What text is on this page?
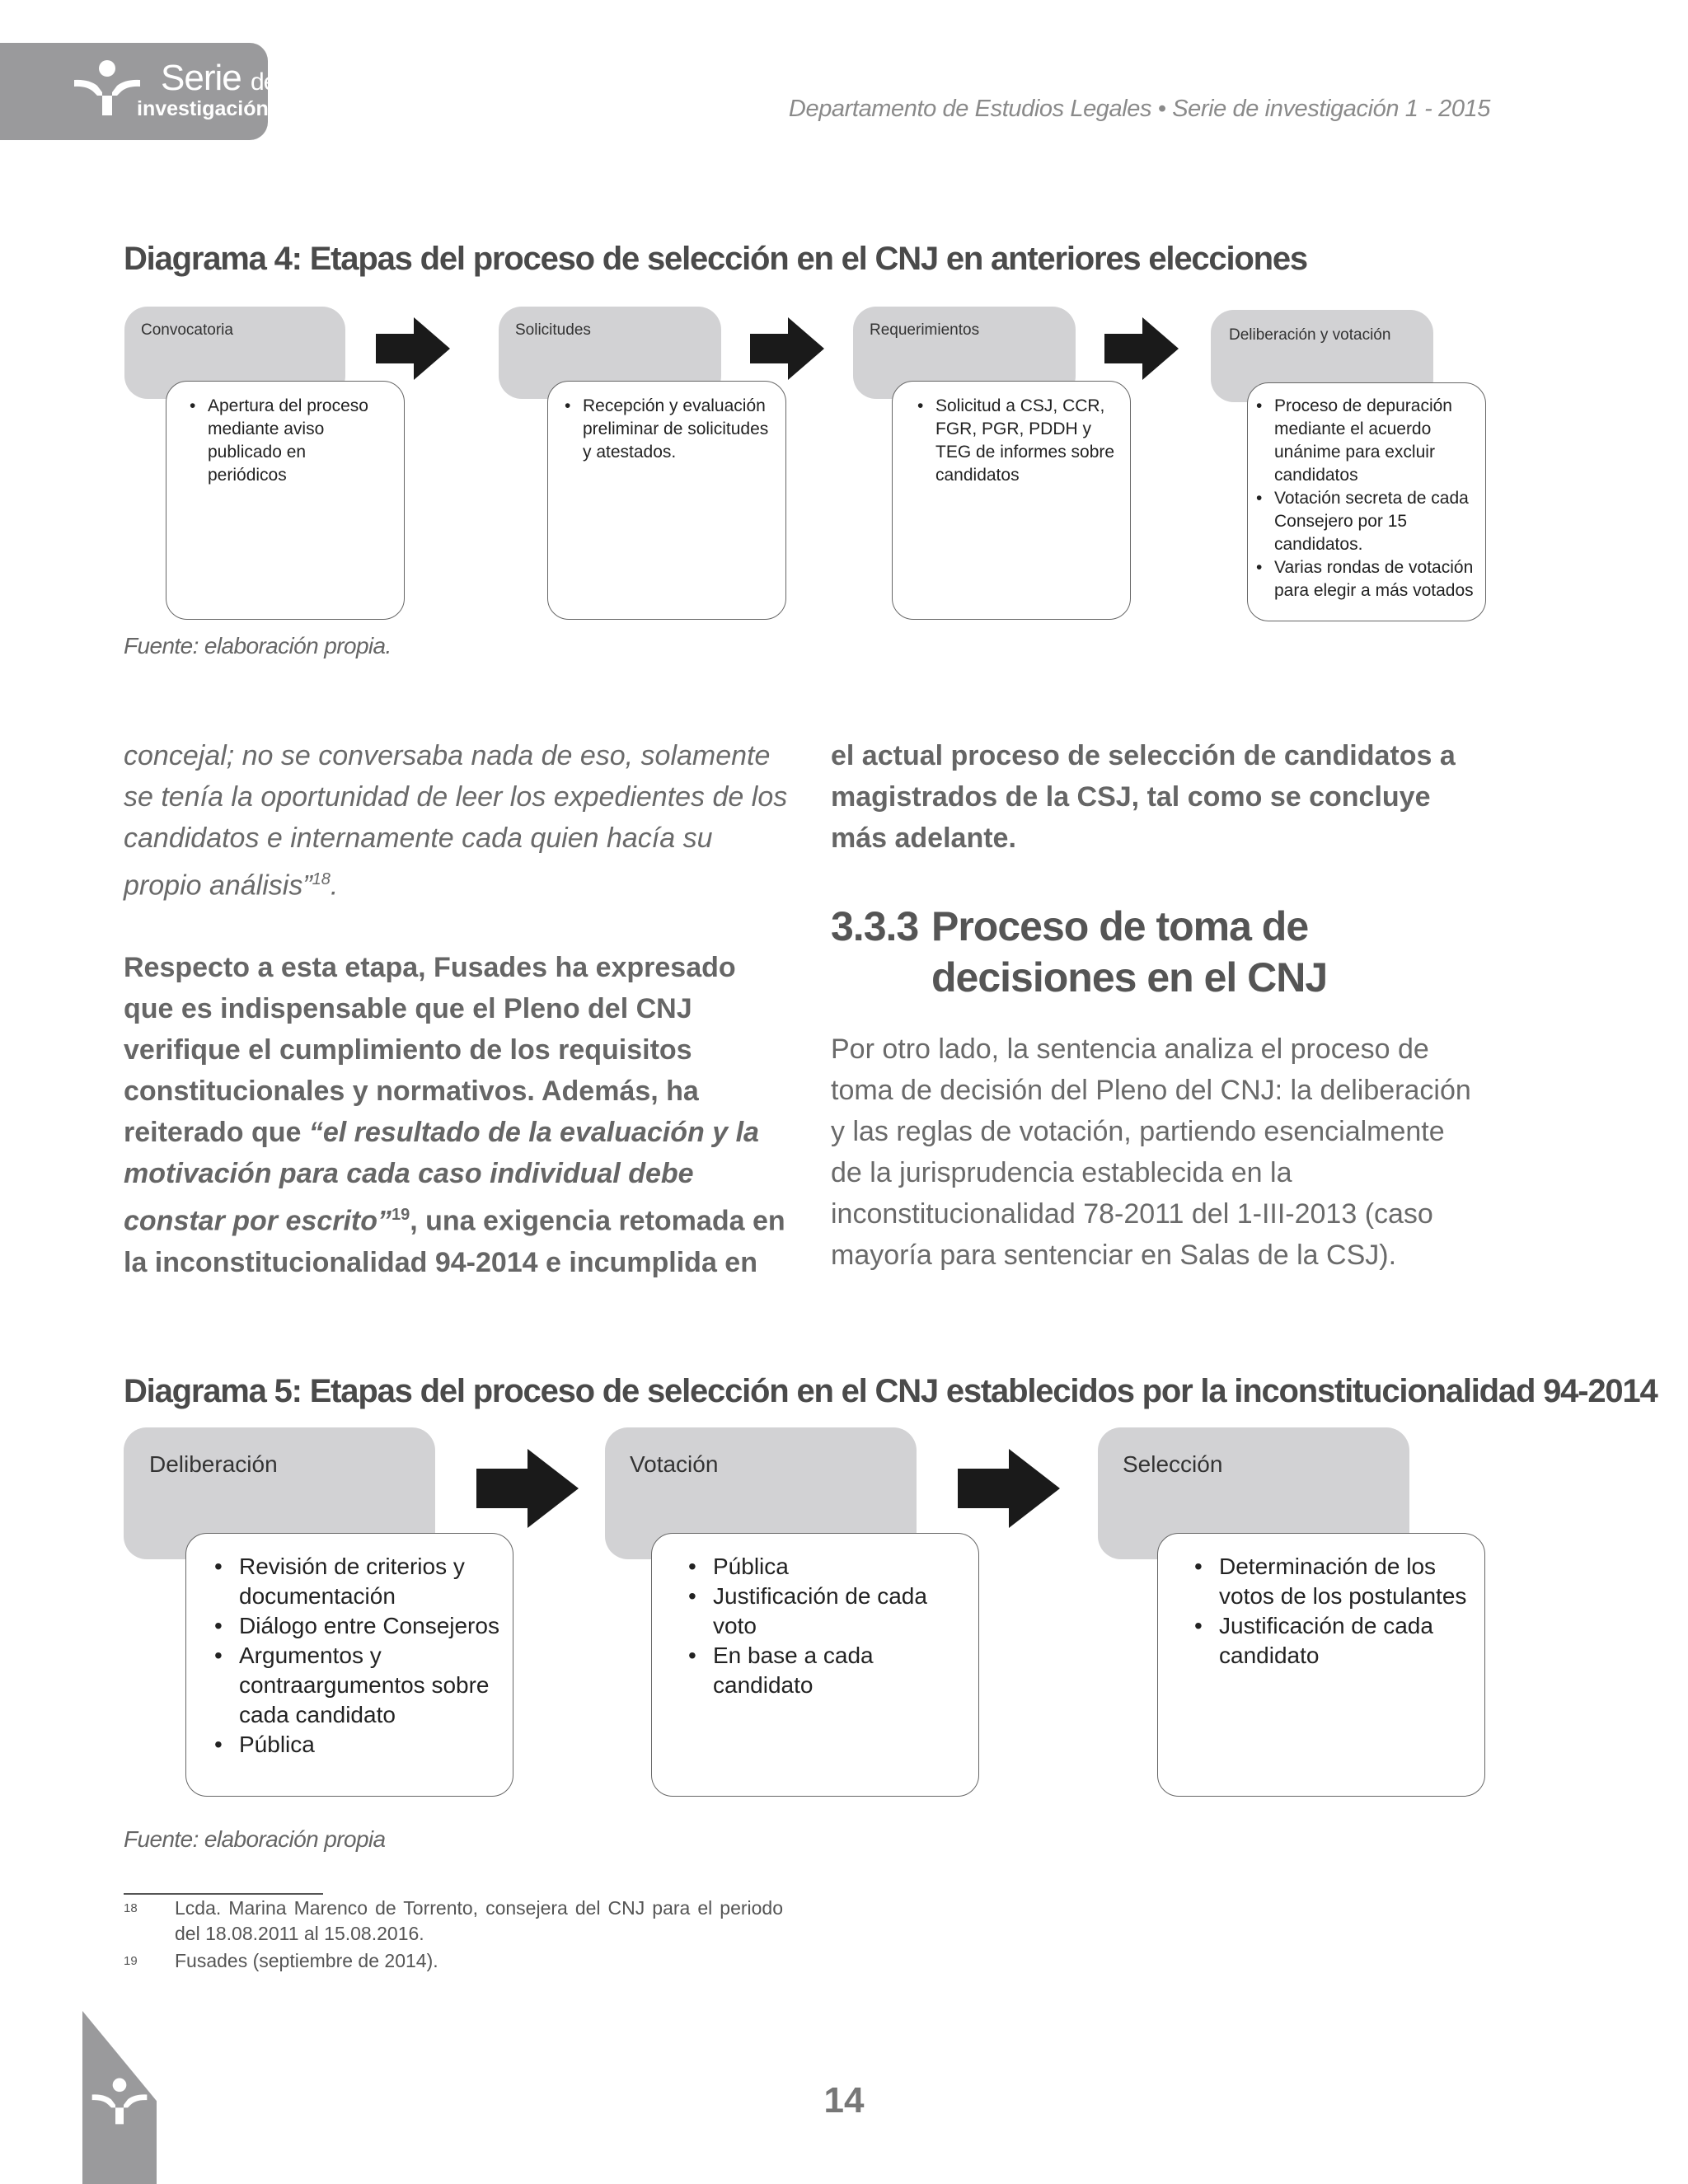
Serie de
investigación	Departamento de Estudios Legales • Serie de investigación 1 - 2015
Diagrama 4: Etapas del proceso de selección en el CNJ en anteriores elecciones
Convocatoria
• Apertura del proceso mediante aviso publicado en periódicos
Solicitudes
• Recepción y evaluación preliminar de solicitudes y atestados.
Requerimientos
• Solicitud a CSJ, CCR, FGR, PGR, PDDH y TEG de informes sobre candidatos
Deliberación y votación
• Proceso de depuración mediante el acuerdo unánime para excluir candidatos
• Votación secreta de cada Consejero por 15 candidatos.
• Varias rondas de votación para elegir a más votados
Fuente: elaboración propia.

concejal; no se conversaba nada de eso, solamente se tenía la oportunidad de leer los expedientes de los candidatos e internamente cada quien hacía su propio análisis”$^{18}$.

Respecto a esta etapa, Fusades ha expresado que es indispensable que el Pleno del CNJ verifique el cumplimiento de los requisitos constitucionales y normativos. Además, ha reiterado que “el resultado de la evaluación y la motivación para cada caso individual debe constar por escrito”$^{19}$, una exigencia retomada en la inconstitucionalidad 94-2014 e incumplida en

el actual proceso de selección de candidatos a magistrados de la CSJ, tal como se concluye más adelante.

3.3.3 Proceso de toma de decisiones en el CNJ

Por otro lado, la sentencia analiza el proceso de toma de decisión del Pleno del CNJ: la deliberación y las reglas de votación, partiendo esencialmente de la jurisprudencia establecida en la inconstitucionalidad 78-2011 del 1-III-2013 (caso mayoría para sentenciar en Salas de la CSJ).

Diagrama 5: Etapas del proceso de selección en el CNJ establecidos por la inconstitucionalidad 94-2014
Deliberación
• Revisión de criterios y documentación
• Diálogo entre Consejeros
• Argumentos y contraargumentos sobre cada candidato
• Pública
Votación
• Pública
• Justificación de cada voto
• En base a cada candidato
Selección
• Determinación de los votos de los postulantes
• Justificación de cada candidato
Fuente: elaboración propia
18 Lcda. Marina Marenco de Torrento, consejera del CNJ para el periodo del 18.08.2011 al 15.08.2016.
19 Fusades (septiembre de 2014).
14
